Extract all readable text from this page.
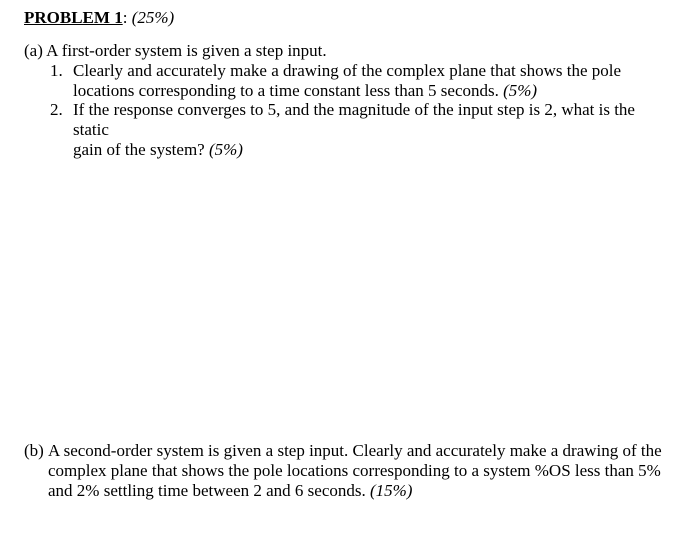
PROBLEM 1: (25%)
(a) A first-order system is given a step input.
1. Clearly and accurately make a drawing of the complex plane that shows the pole
locations corresponding to a time constant less than 5 seconds. (5%)
2. If the response converges to 5, and the magnitude of the input step is 2, what is the static
gain of the system? (5%)
(b) A second-order system is given a step input. Clearly and accurately make a drawing of the
complex plane that shows the pole locations corresponding to a system %OS less than 5%
and 2% settling time between 2 and 6 seconds. (15%)
